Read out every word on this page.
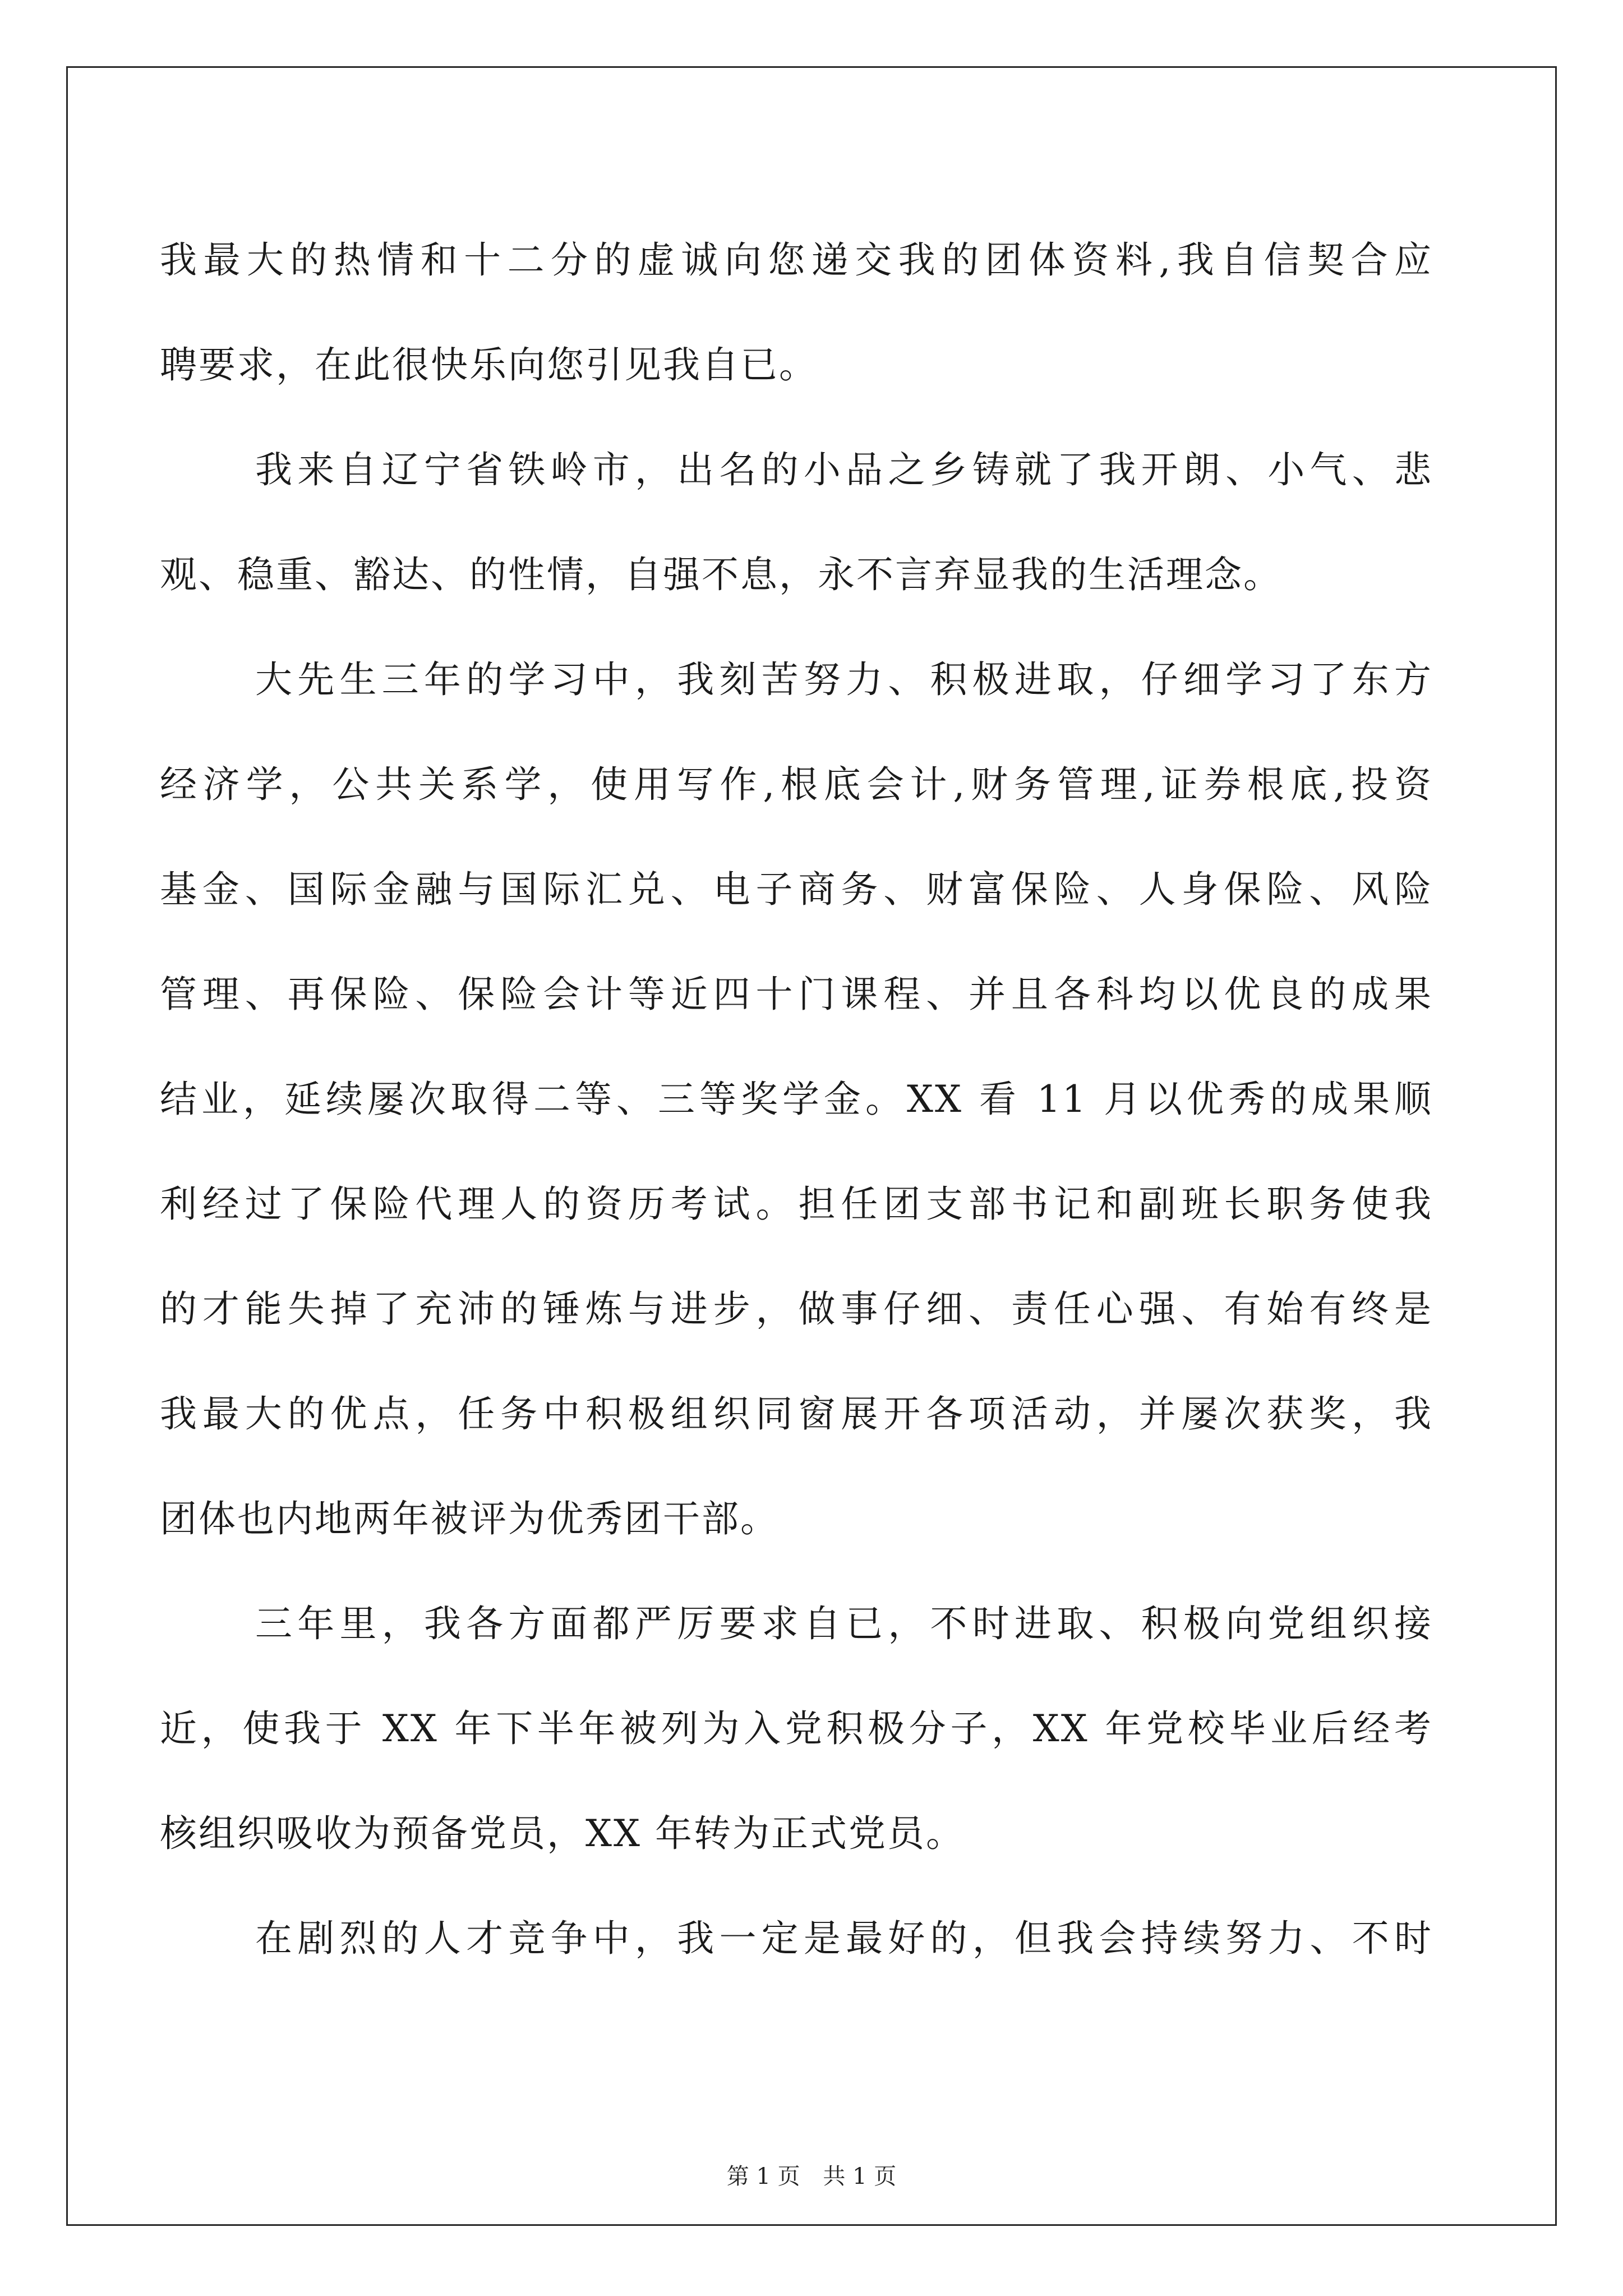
我最大的热情和十二分的虚诚向您递交我的团体资料,我自信契合应
聘要求，在此很快乐向您引见我自已。
我来自辽宁省铁岭市，出名的小品之乡铸就了我开朗、小气、悲
观、稳重、豁达、的性情，自强不息，永不言弃显我的生活理念。
大先生三年的学习中，我刻苦努力、积极进取，仔细学习了东方
经济学，公共关系学，使用写作,根底会计,财务管理,证券根底,投资
基金、国际金融与国际汇兑、电子商务、财富保险、人身保险、风险
管理、再保险、保险会计等近四十门课程、并且各科均以优良的成果
结业，延续屡次取得二等、三等奖学金。XX 看 11 月以优秀的成果顺
利经过了保险代理人的资历考试。担任团支部书记和副班长职务使我
的才能失掉了充沛的锤炼与进步，做事仔细、责任心强、有始有终是
我最大的优点，任务中积极组织同窗展开各项活动，并屡次获奖，我
团体也内地两年被评为优秀团干部。
三年里，我各方面都严厉要求自已，不时进取、积极向党组织接
近，使我于 XX 年下半年被列为入党积极分子，XX 年党校毕业后经考
核组织吸收为预备党员，XX 年转为正式党员。
在剧烈的人才竞争中，我一定是最好的，但我会持续努力、不时
第 1 页 共 1 页
